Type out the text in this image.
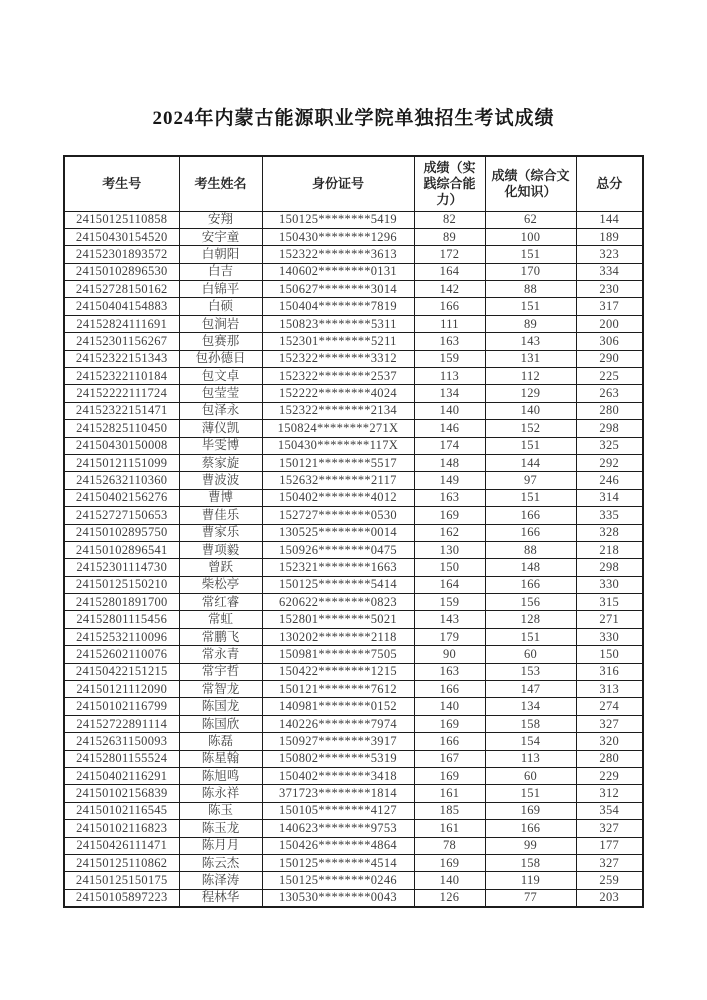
2024年内蒙古能源职业学院单独招生考试成绩
考生号	考生姓名	身份证号	成绩（实践综合能力）	成绩（综合文化知识）	总分
24150125110858	安翔	150125********5419	82	62	144
24150430154520	安宇童	150430********1296	89	100	189
24152301893572	白朝阳	152322********3613	172	151	323
24150102896530	白吉	140602********0131	164	170	334
24152728150162	白锦平	150627********3014	142	88	230
24150404154883	白硕	150404********7819	166	151	317
24152824111691	包涧岩	150823********5311	111	89	200
24152301156267	包赛那	152301********5211	163	143	306
24152322151343	包孙德日	152322********3312	159	131	290
24152322110184	包文卓	152322********2537	113	112	225
24152222111724	包莹莹	152222********4024	134	129	263
24152322151471	包泽永	152322********2134	140	140	280
24152825110450	薄仪凯	150824********271X	146	152	298
24150430150008	毕雯博	150430********117X	174	151	325
24150121151099	蔡家旋	150121********5517	148	144	292
24152632110360	曹波波	152632********2117	149	97	246
24150402156276	曹博	150402********4012	163	151	314
24152727150653	曹佳乐	152727********0530	169	166	335
24150102895750	曹家乐	130525********0014	162	166	328
24150102896541	曹项毅	150926********0475	130	88	218
24152301114730	曾跃	152321********1663	150	148	298
24150125150210	柴松亭	150125********5414	164	166	330
24152801891700	常红睿	620622********0823	159	156	315
24152801115456	常虹	152801********5021	143	128	271
24152532110096	常鹏飞	130202********2118	179	151	330
24152602110076	常永青	150981********7505	90	60	150
24150422151215	常宇哲	150422********1215	163	153	316
24150121112090	常智龙	150121********7612	166	147	313
24150102116799	陈国龙	140981********0152	140	134	274
24152722891114	陈国欣	140226********7974	169	158	327
24152631150093	陈磊	150927********3917	166	154	320
24152801155524	陈星翰	150802********5319	167	113	280
24150402116291	陈旭鸣	150402********3418	169	60	229
24150102156839	陈永祥	371723********1814	161	151	312
24150102116545	陈玉	150105********4127	185	169	354
24150102116823	陈玉龙	140623********9753	161	166	327
24150426111471	陈月月	150426********4864	78	99	177
24150125110862	陈云杰	150125********4514	169	158	327
24150125150175	陈泽涛	150125********0246	140	119	259
24150105897223	程林华	130530********0043	126	77	203
